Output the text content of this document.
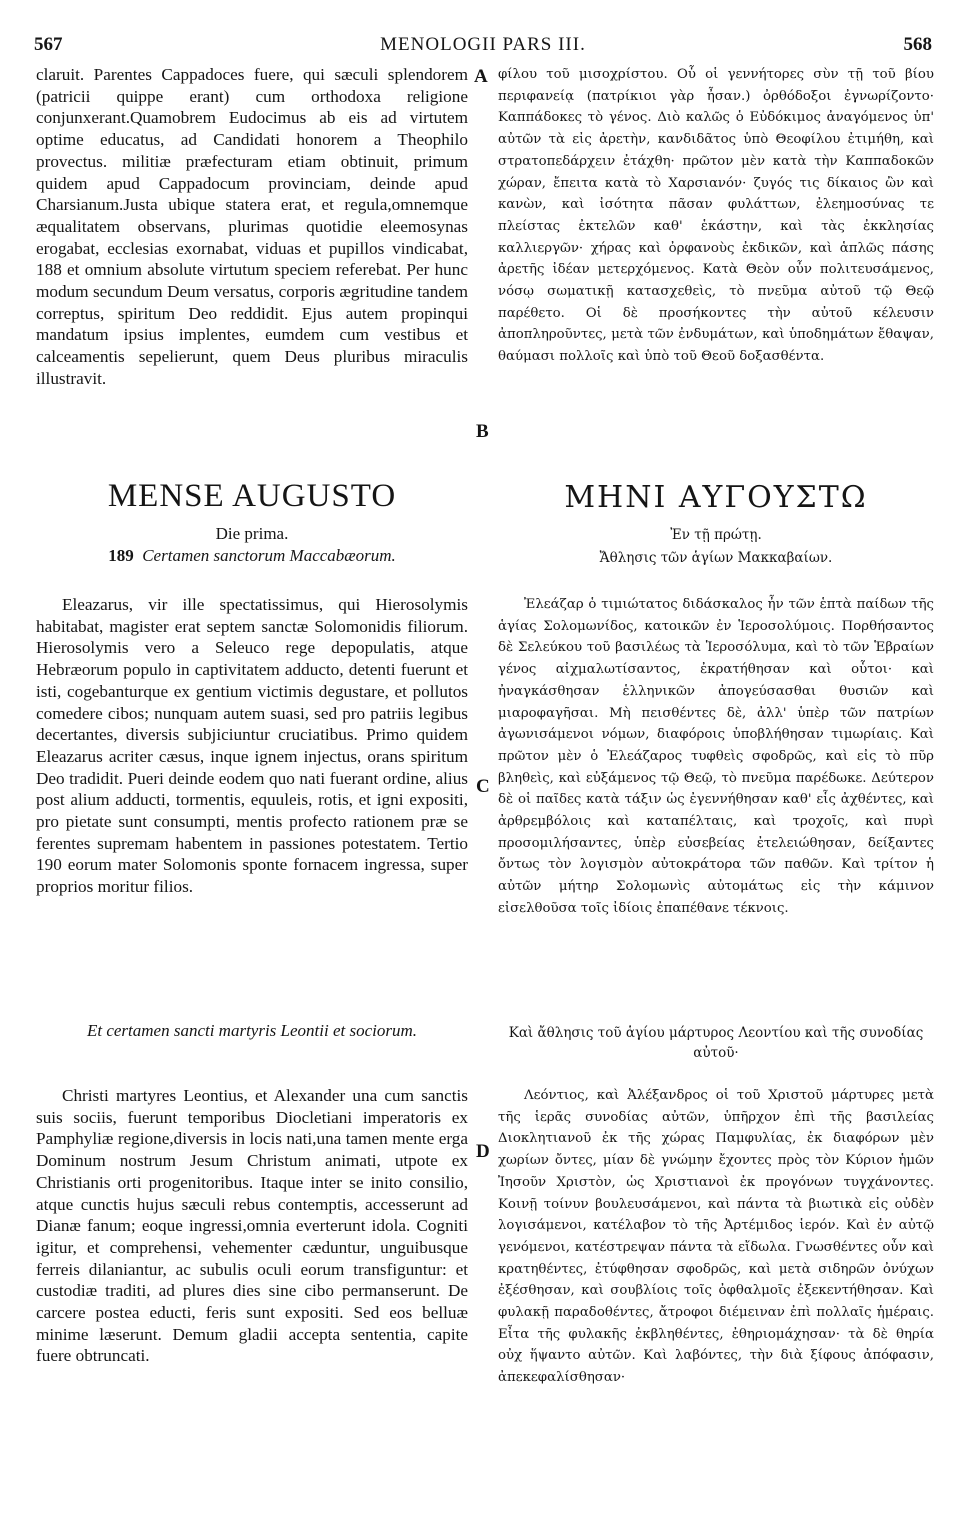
567	MENOLOGII PARS III.	568

claruit. Parentes Cappadoces fuere, qui sæculi splendorem (patricii quippe erant) cum orthodoxa religione conjunxerant.Quamobrem Eudocimus ab eis ad virtutem optime educatus, ad Candidati honorem a Theophilo provectus. militiæ præfecturam etiam obtinuit, primum quidem apud Cappadocum provinciam, deinde apud Charsianum.Justa ubique statera erat, et regula,omnemque æqualitatem observans, plurimas quotidie eleemosynas erogabat, ecclesias exornabat, viduas et pupillos vindicabat, 188 et omnium absolute virtutum speciem referebat. Per hunc modum secundum Deum versatus, corporis ægritudine tandem correptus, spiritum Deo reddidit. Ejus autem propinqui mandatum ipsius implentes, eumdem cum vestibus et calceamentis sepelierunt, quem Deus pluribus miraculis illustravit.

φίλου τοῦ μισοχρίστου. Οὗ οἱ γεννήτορες σὺν τῇ τοῦ βίου περιφανείᾳ (πατρίκιοι γὰρ ἦσαν.) ὀρθόδοξοι ἐγνωρίζοντο· Καππάδοκες τὸ γένος. Διὸ καλῶς ὁ Εὐδόκιμος ἀναγόμενος ὑπ' αὐτῶν τὰ εἰς ἀρετὴν, κανδιδᾶτος ὑπὸ Θεοφίλου ἐτιμήθη, καὶ στρατοπεδάρχειν ἐτάχθη· πρῶτον μὲν κατὰ τὴν Καππαδοκῶν χώραν, ἔπειτα κατὰ τὸ Χαρσιανόν· ζυγός τις δίκαιος ὢν καὶ κανὼν, καὶ ἰσότητα πᾶσαν φυλάττων, ἐλεημοσύνας τε πλείστας ἐκτελῶν καθ' ἑκάστην, καὶ τὰς ἐκκλησίας καλλιεργῶν· χήρας καὶ ὀρφανοὺς ἐκδικῶν, καὶ ἁπλῶς πάσης ἀρετῆς ἰδέαν μετερχόμενος. Κατὰ Θεὸν οὖν πολιτευσάμενος, νόσῳ σωματικῇ κατασχεθεὶς, τὸ πνεῦμα αὐτοῦ τῷ Θεῷ παρέθετο. Οἱ δὲ προσήκοντες τὴν αὐτοῦ κέλευσιν ἀποπληροῦντες, μετὰ τῶν ἐνδυμάτων, καὶ ὑποδημάτων ἔθαψαν, θαύμασι πολλοῖς καὶ ὑπὸ τοῦ Θεοῦ δοξασθέντα.

A
B
C
D
MENSE AUGUSTO	ΜΗΝΙ ΑΥΓΟΥΣΤΩ
Die prima.	Ἐν τῇ πρώτῃ.
189 Certamen sanctorum Maccabæorum.	Ἄθλησις τῶν ἁγίων Μακκαβαίων.

Eleazarus, vir ille spectatissimus, qui Hierosolymis habitabat, magister erat septem sanctæ Solomonidis filiorum. Hierosolymis vero a Seleuco rege depopulatis, atque Hebræorum populo in captivitatem adducto, detenti fuerunt et isti, cogebanturque ex gentium victimis degustare, et pollutos comedere cibos; nunquam autem suasi, sed pro patriis legibus decertantes, diversis subjiciuntur cruciatibus. Primo quidem Eleazarus acriter cæsus, inque ignem injectus, orans spiritum Deo tradidit. Pueri deinde eodem quo nati fuerant ordine, alius post alium adducti, tormentis, equuleis, rotis, et igni expositi, pro pietate sunt consumpti, mentis profecto rationem præ se ferentes supremam habentem in passiones potestatem. Tertio 190 eorum mater Solomonis sponte fornacem ingressa, super proprios moritur filios.

Ἐλεάζαρ ὁ τιμιώτατος διδάσκαλος ἦν τῶν ἑπτὰ παίδων τῆς ἁγίας Σολομωνίδος, κατοικῶν ἐν Ἱεροσολύμοις. Πορθήσαντος δὲ Σελεύκου τοῦ βασιλέως τὰ Ἱεροσόλυμα, καὶ τὸ τῶν Ἑβραίων γένος αἰχμαλωτίσαντος, ἐκρατήθησαν καὶ οὗτοι· καὶ ἠναγκάσθησαν ἑλληνικῶν ἀπογεύσασθαι θυσιῶν καὶ μιαροφαγῆσαι. Μὴ πεισθέντες δὲ, ἀλλ' ὑπὲρ τῶν πατρίων ἀγωνισάμενοι νόμων, διαφόροις ὑποβλήθησαν τιμωρίαις. Καὶ πρῶτον μὲν ὁ Ἐλεάζαρος τυφθεὶς σφοδρῶς, καὶ εἰς τὸ πῦρ βληθεὶς, καὶ εὐξάμενος τῷ Θεῷ, τὸ πνεῦμα παρέδωκε. Δεύτερον δὲ οἱ παῖδες κατὰ τάξιν ὡς ἐγεννήθησαν καθ' εἷς ἀχθέντες, καὶ ἀρθρεμβόλοις καὶ καταπέλταις, καὶ τροχοῖς, καὶ πυρὶ προσομιλήσαντες, ὑπὲρ εὐσεβείας ἐτελειώθησαν, δείξαντες ὄντως τὸν λογισμὸν αὐτοκράτορα τῶν παθῶν. Καὶ τρίτον ἡ αὐτῶν μήτηρ Σολομωνὶς αὐτομάτως εἰς τὴν κάμινον εἰσελθοῦσα τοῖς ἰδίοις ἐπαπέθανε τέκνοις.

Et certamen sancti martyris Leontii et sociorum.	Καὶ ἄθλησις τοῦ ἁγίου μάρτυρος Λεοντίου καὶ τῆς συνοδίας αὐτοῦ·

Christi martyres Leontius, et Alexander una cum sanctis suis sociis, fuerunt temporibus Diocletiani imperatoris ex Pamphyliæ regione,diversis in locis nati,una tamen mente erga Dominum nostrum Jesum Christum animati, utpote ex Christianis orti progenitoribus. Itaque inter se inito consilio, atque cunctis hujus sæculi rebus contemptis, accesserunt ad Dianæ fanum; eoque ingressi,omnia everterunt idola. Cogniti igitur, et comprehensi, vehementer cæduntur, unguibusque ferreis dilaniantur, ac subulis oculi eorum transfiguntur: et custodiæ traditi, ad plures dies sine cibo permanserunt. De carcere postea educti, feris sunt expositi. Sed eos belluæ minime læserunt. Demum gladii accepta sententia, capite fuere obtruncati.

Λεόντιος, καὶ Ἀλέξανδρος οἱ τοῦ Χριστοῦ μάρτυρες μετὰ τῆς ἱερᾶς συνοδίας αὐτῶν, ὑπῆρχον ἐπὶ τῆς βασιλείας Διοκλητιανοῦ ἐκ τῆς χώρας Παμφυλίας, ἐκ διαφόρων μὲν χωρίων ὄντες, μίαν δὲ γνώμην ἔχοντες πρὸς τὸν Κύριον ἡμῶν Ἰησοῦν Χριστὸν, ὡς Χριστιανοὶ ἐκ προγόνων τυγχάνοντες. Κοινῇ τοίνυν βουλευσάμενοι, καὶ πάντα τὰ βιωτικὰ εἰς οὐδὲν λογισάμενοι, κατέλαβον τὸ τῆς Ἀρτέμιδος ἱερόν. Καὶ ἐν αὐτῷ γενόμενοι, κατέστρεψαν πάντα τὰ εἴδωλα. Γνωσθέντες οὖν καὶ κρατηθέντες, ἐτύφθησαν σφοδρῶς, καὶ μετὰ σιδηρῶν ὀνύχων ἐξέσθησαν, καὶ σουβλίοις τοῖς ὀφθαλμοῖς ἐξεκεντήθησαν. Καὶ φυλακῇ παραδοθέντες, ἄτροφοι διέμειναν ἐπὶ πολλαῖς ἡμέραις. Εἶτα τῆς φυλακῆς ἐκβληθέντες, ἐθηριομάχησαν· τὰ δὲ θηρία οὐχ ἥψαντο αὐτῶν. Καὶ λαβόντες, τὴν διὰ ξίφους ἀπόφασιν, ἀπεκεφαλίσθησαν·
